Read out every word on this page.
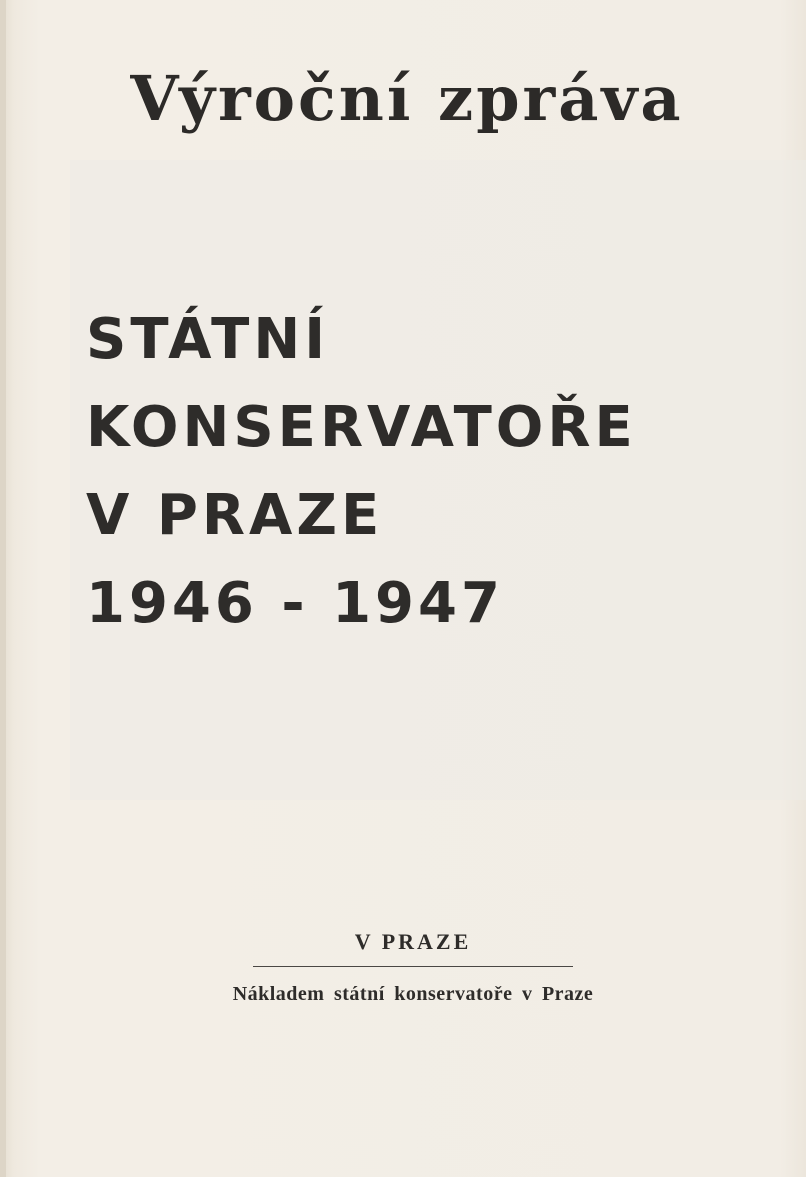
Výroční zpráva
STÁTNÍ
KONSERVATOŘE
V PRAZE
1946 - 1947
V PRAZE
Nákladem státní konservatoře v Praze
